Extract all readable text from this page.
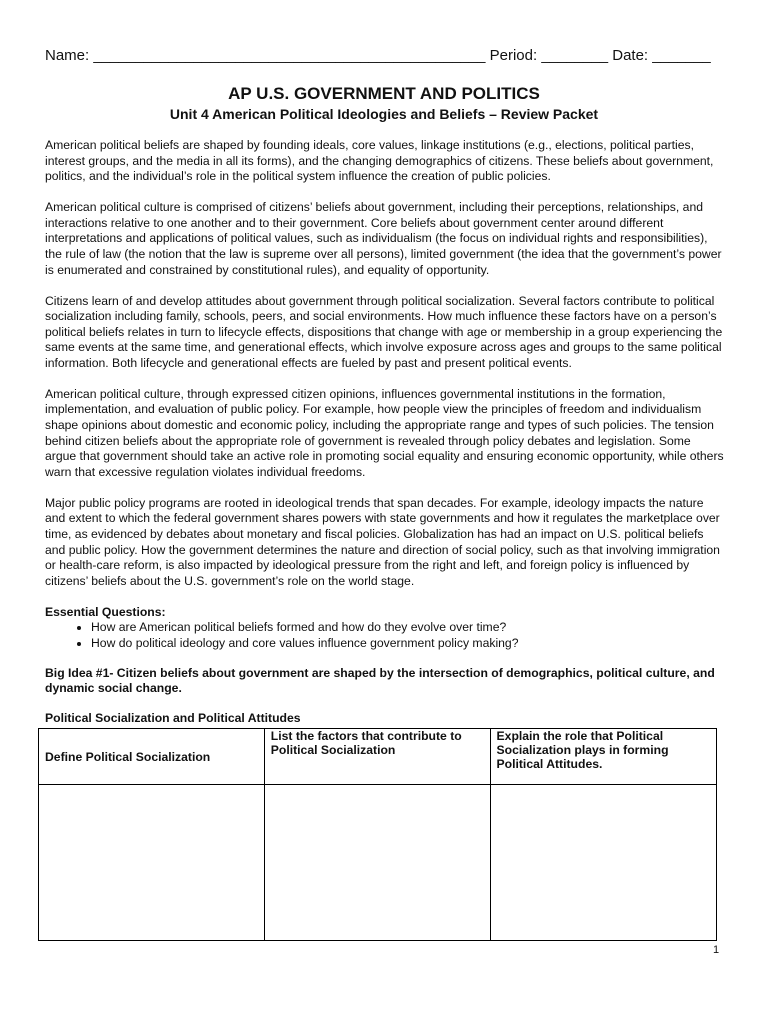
Name: _______________________________________________ Period: ________ Date: _______
AP U.S. GOVERNMENT AND POLITICS
Unit 4 American Political Ideologies and Beliefs – Review Packet

American political beliefs are shaped by founding ideals, core values, linkage institutions (e.g., elections, political parties, interest groups, and the media in all its forms), and the changing demographics of citizens. These beliefs about government, politics, and the individual’s role in the political system influence the creation of public policies.

American political culture is comprised of citizens’ beliefs about government, including their perceptions, relationships, and interactions relative to one another and to their government. Core beliefs about government center around different interpretations and applications of political values, such as individualism (the focus on individual rights and responsibilities), the rule of law (the notion that the law is supreme over all persons), limited government (the idea that the government’s power is enumerated and constrained by constitutional rules), and equality of opportunity.

Citizens learn of and develop attitudes about government through political socialization. Several factors contribute to political socialization including family, schools, peers, and social environments. How much influence these factors have on a person’s political beliefs relates in turn to lifecycle effects, dispositions that change with age or membership in a group experiencing the same events at the same time, and generational effects, which involve exposure across ages and groups to the same political information. Both lifecycle and generational effects are fueled by past and present political events.

American political culture, through expressed citizen opinions, influences governmental institutions in the formation, implementation, and evaluation of public policy. For example, how people view the principles of freedom and individualism shape opinions about domestic and economic policy, including the appropriate range and types of such policies. The tension behind citizen beliefs about the appropriate role of government is revealed through policy debates and legislation. Some argue that government should take an active role in promoting social equality and ensuring economic opportunity, while others warn that excessive regulation violates individual freedoms.

Major public policy programs are rooted in ideological trends that span decades. For example, ideology impacts the nature and extent to which the federal government shares powers with state governments and how it regulates the marketplace over time, as evidenced by debates about monetary and fiscal policies. Globalization has had an impact on U.S. political beliefs and public policy. How the government determines the nature and direction of social policy, such as that involving immigration or health-care reform, is also impacted by ideological pressure from the right and left, and foreign policy is influenced by citizens’ beliefs about the U.S. government’s role on the world stage.

Essential Questions:
• How are American political beliefs formed and how do they evolve over time?
• How do political ideology and core values influence government policy making?
Big Idea #1- Citizen beliefs about government are shaped by the intersection of demographics, political culture, and dynamic social change.
Political Socialization and Political Attitudes
Define Political Socialization	List the factors that contribute to Political Socialization	Explain the role that Political Socialization plays in forming Political Attitudes.

1
